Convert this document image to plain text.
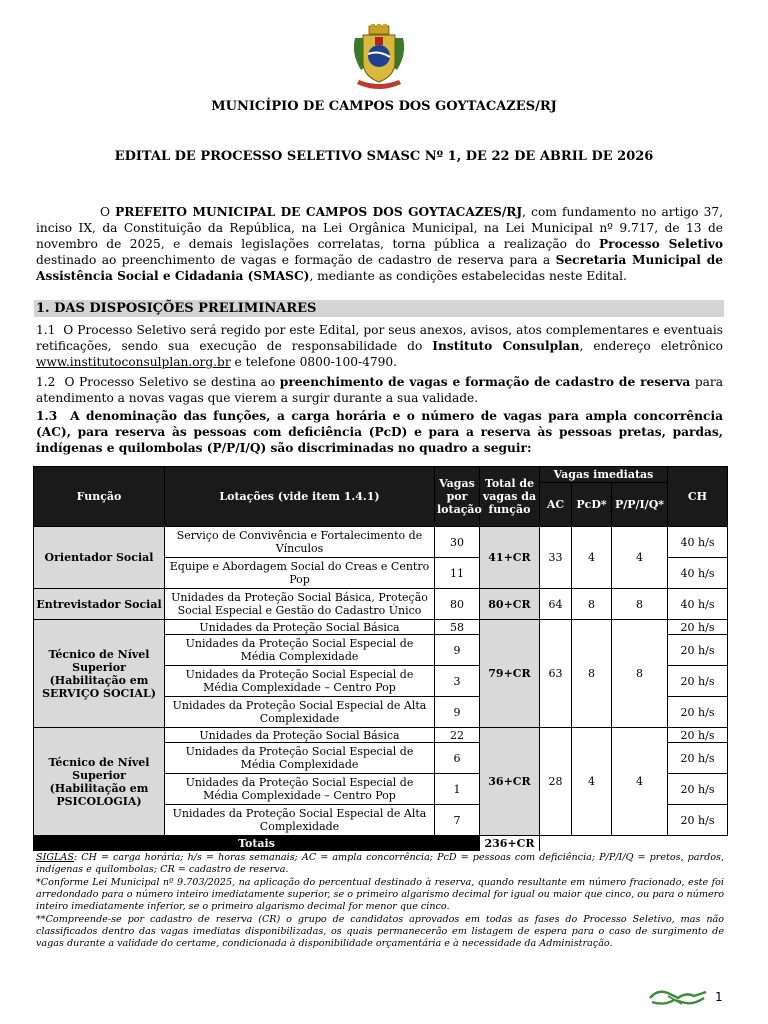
MUNICÍPIO DE CAMPOS DOS GOYTACAZES/RJ
EDITAL DE PROCESSO SELETIVO SMASC Nº 1, DE 22 DE ABRIL DE 2026
O PREFEITO MUNICIPAL DE CAMPOS DOS GOYTACAZES/RJ, com fundamento no artigo 37, inciso IX, da Constituição da República, na Lei Orgânica Municipal, na Lei Municipal nº 9.717, de 13 de novembro de 2025, e demais legislações correlatas, torna pública a realização do Processo Seletivo destinado ao preenchimento de vagas e formação de cadastro de reserva para a Secretaria Municipal de Assistência Social e Cidadania (SMASC), mediante as condições estabelecidas neste Edital.
1. DAS DISPOSIÇÕES PRELIMINARES
1.1 O Processo Seletivo será regido por este Edital, por seus anexos, avisos, atos complementares e eventuais retificações, sendo sua execução de responsabilidade do Instituto Consulplan, endereço eletrônico www.institutoconsulplan.org.br e telefone 0800-100-4790.
1.2 O Processo Seletivo se destina ao preenchimento de vagas e formação de cadastro de reserva para atendimento a novas vagas que vierem a surgir durante a sua validade.
1.3 A denominação das funções, a carga horária e o número de vagas para ampla concorrência (AC), para reserva às pessoas com deficiência (PcD) e para a reserva às pessoas pretas, pardas, indígenas e quilombolas (P/P/I/Q) são discriminadas no quadro a seguir:
Função	Lotações (vide item 1.4.1)	Vagas por lotação	Total de vagas da função	Vagas imediatas			CH
				AC	PcD*	P/P/I/Q*	
Orientador Social	Serviço de Convivência e Fortalecimento de Vínculos	30	41+CR	33	4	4	40 h/s
	Equipe e Abordagem Social do Creas e Centro Pop	11					40 h/s
Entrevistador Social	Unidades da Proteção Social Básica, Proteção Social Especial e Gestão do Cadastro Único	80	80+CR	64	8	8	40 h/s
Técnico de Nível Superior (Habilitação em SERVIÇO SOCIAL)	Unidades da Proteção Social Básica	58	79+CR	63	8	8	20 h/s
	Unidades da Proteção Social Especial de Média Complexidade	9					20 h/s
	Unidades da Proteção Social Especial de Média Complexidade – Centro Pop	3					20 h/s
	Unidades da Proteção Social Especial de Alta Complexidade	9					20 h/s
Técnico de Nível Superior (Habilitação em PSICOLOGIA)	Unidades da Proteção Social Básica	22	36+CR	28	4	4	20 h/s
	Unidades da Proteção Social Especial de Média Complexidade	6					20 h/s
	Unidades da Proteção Social Especial de Média Complexidade – Centro Pop	1					20 h/s
	Unidades da Proteção Social Especial de Alta Complexidade	7					20 h/s
Totais			236+CR				

SIGLAS: CH = carga horária; h/s = horas semanais; AC = ampla concorrência; PcD = pessoas com deficiência; P/P/I/Q = pretos, pardos, indígenas e quilombolas; CR = cadastro de reserva.

*Conforme Lei Municipal nº 9.703/2025, na aplicação do percentual destinado à reserva, quando resultante em número fracionado, este foi arredondado para o número inteiro imediatamente superior, se o primeiro algarismo decimal for igual ou maior que cinco, ou para o número inteiro imediatamente inferior, se o primeiro algarismo decimal for menor que cinco.

**Compreende-se por cadastro de reserva (CR) o grupo de candidatos aprovados em todas as fases do Processo Seletivo, mas não classificados dentro das vagas imediatas disponibilizadas, os quais permanecerão em listagem de espera para o caso de surgimento de vagas durante a validade do certame, condicionada à disponibilidade orçamentária e à necessidade da Administração.

1
